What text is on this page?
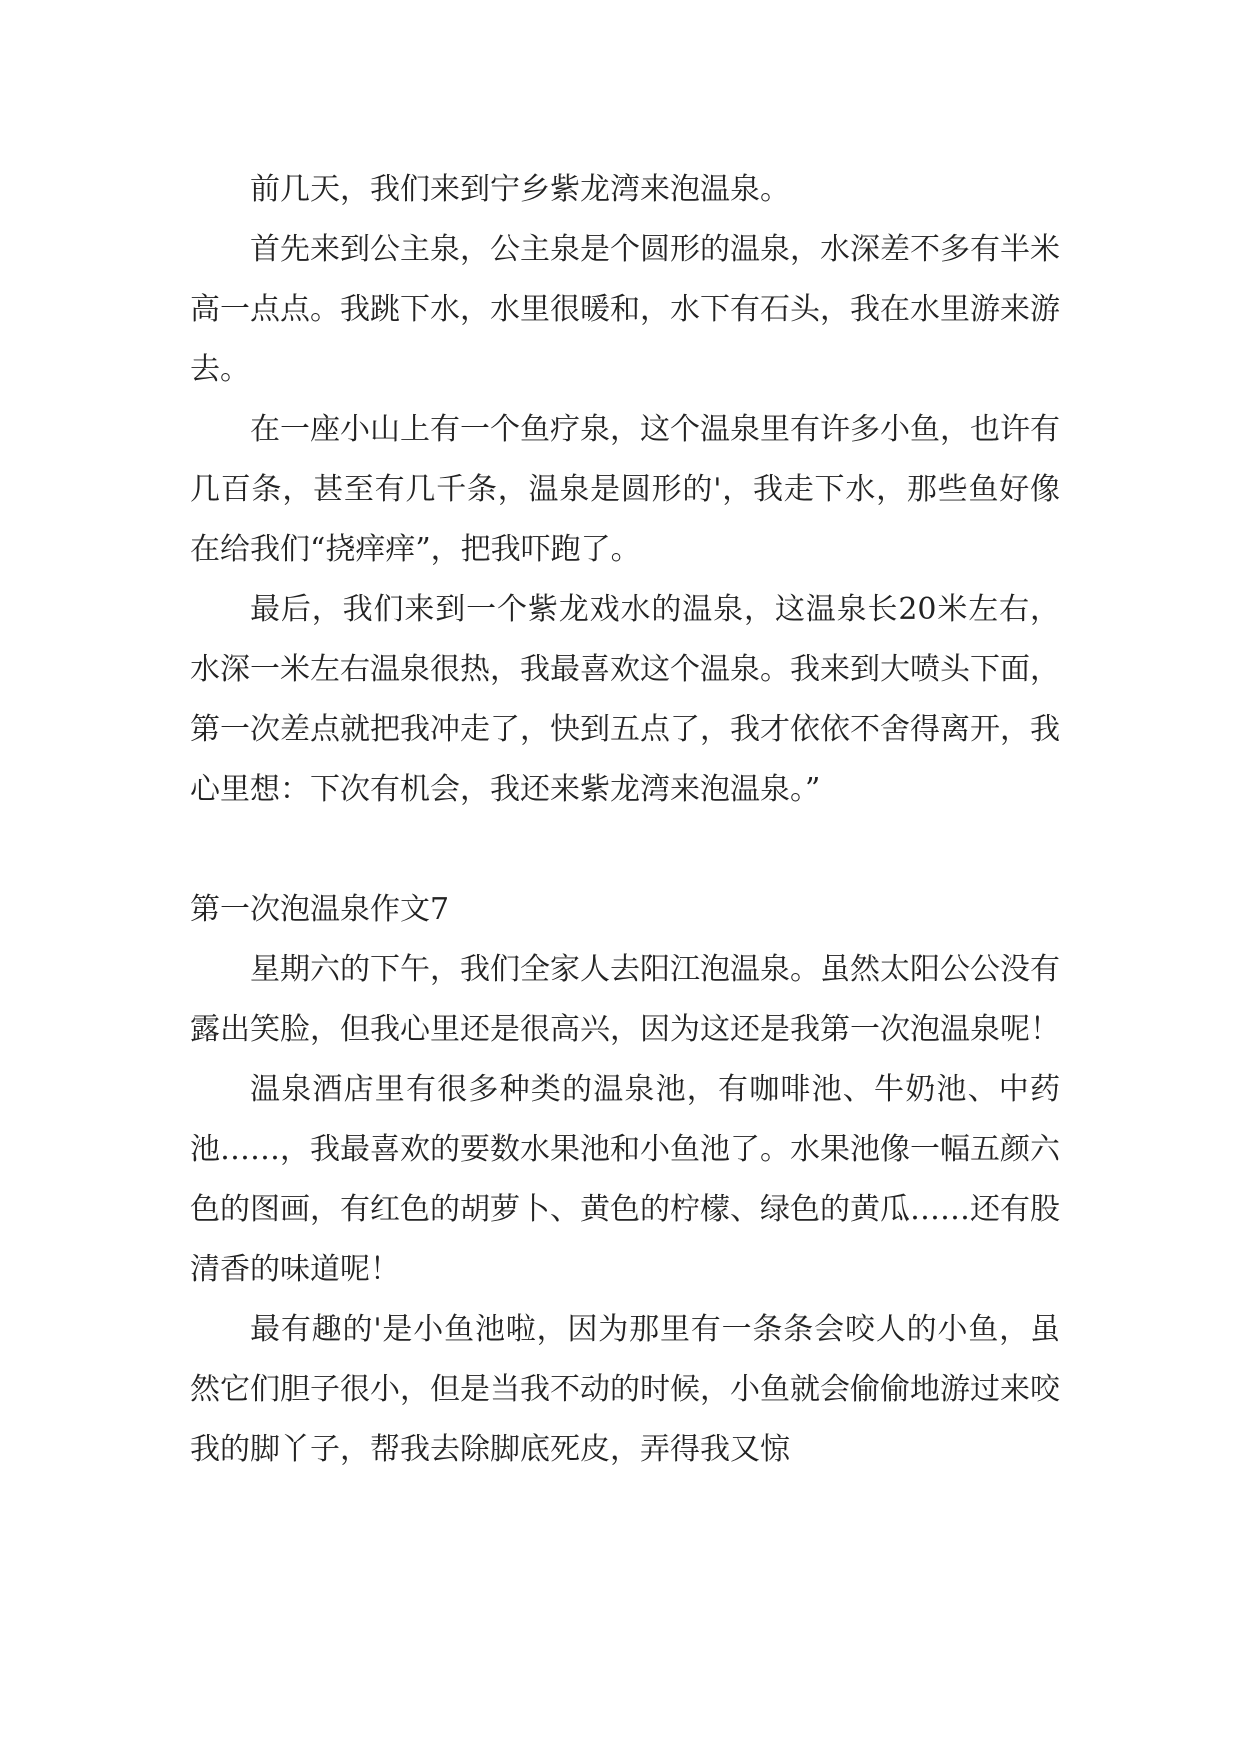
前几天，我们来到宁乡紫龙湾来泡温泉。

首先来到公主泉，公主泉是个圆形的温泉，水深差不多有半米高一点点。我跳下水，水里很暖和，水下有石头，我在水里游来游去。

在一座小山上有一个鱼疗泉，这个温泉里有许多小鱼，也许有几百条，甚至有几千条，温泉是圆形的'，我走下水，那些鱼好像在给我们“挠痒痒”，把我吓跑了。

最后，我们来到一个紫龙戏水的温泉，这温泉长20米左右，水深一米左右温泉很热，我最喜欢这个温泉。我来到大喷头下面，第一次差点就把我冲走了，快到五点了，我才依依不舍得离开，我心里想：下次有机会，我还来紫龙湾来泡温泉。”

第一次泡温泉作文7

星期六的下午，我们全家人去阳江泡温泉。虽然太阳公公没有露出笑脸，但我心里还是很高兴，因为这还是我第一次泡温泉呢！

温泉酒店里有很多种类的温泉池，有咖啡池、牛奶池、中药池……，我最喜欢的要数水果池和小鱼池了。水果池像一幅五颜六色的图画，有红色的胡萝卜、黄色的柠檬、绿色的黄瓜……还有股清香的味道呢！

最有趣的'是小鱼池啦，因为那里有一条条会咬人的小鱼，虽然它们胆子很小，但是当我不动的时候，小鱼就会偷偷地游过来咬我的脚丫子，帮我去除脚底死皮，弄得我又惊
